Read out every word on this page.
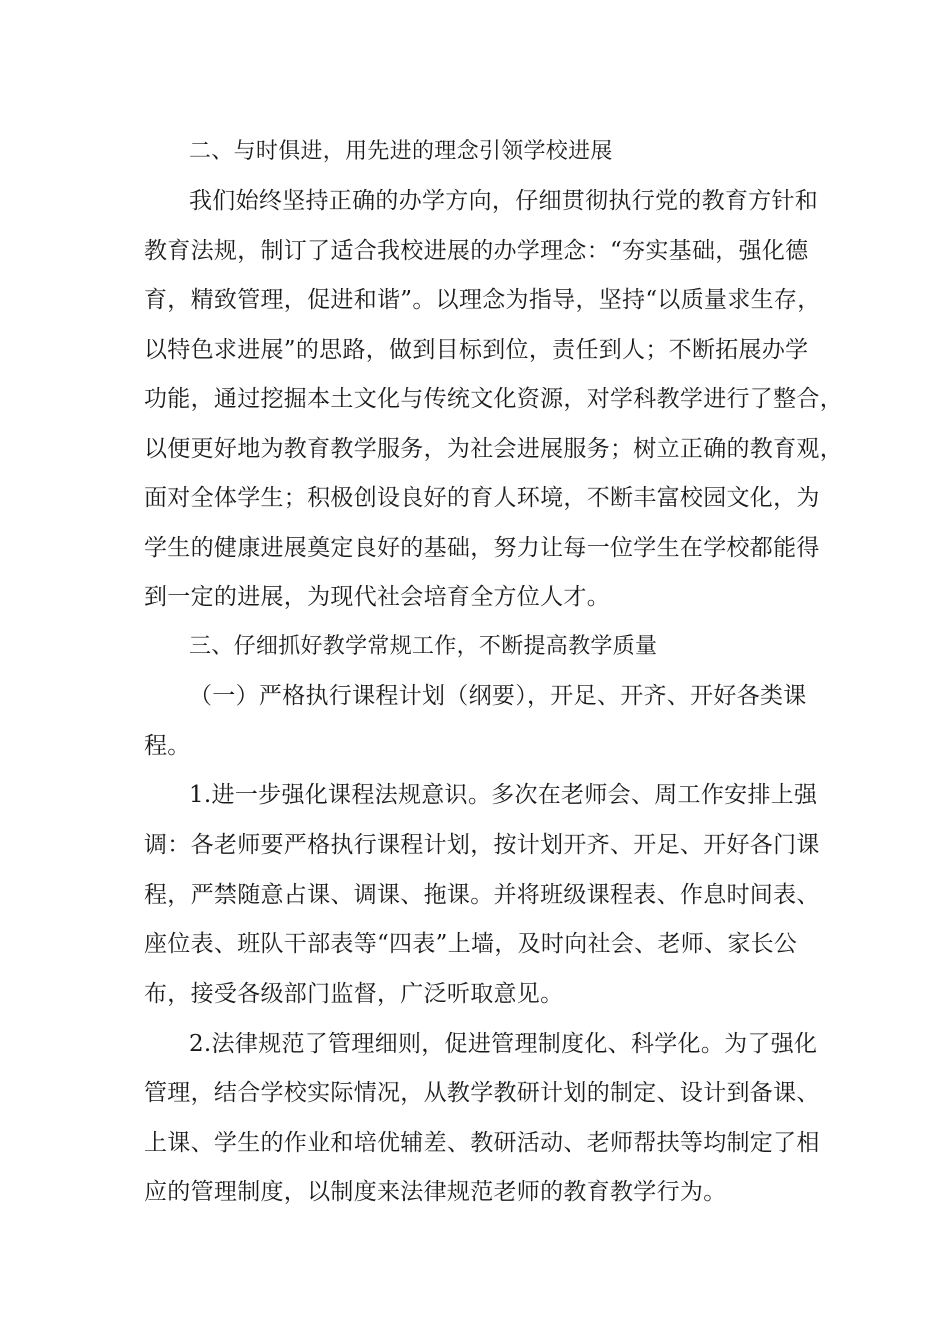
二、与时俱进，用先进的理念引领学校进展
我们始终坚持正确的办学方向，仔细贯彻执行党的教育方针和
教育法规，制订了适合我校进展的办学理念：“夯实基础，强化德
育，精致管理，促进和谐”。以理念为指导，坚持“以质量求生存，
以特色求进展”的思路，做到目标到位，责任到人；不断拓展办学
功能，通过挖掘本土文化与传统文化资源，对学科教学进行了整合，
以便更好地为教育教学服务，为社会进展服务；树立正确的教育观，
面对全体学生；积极创设良好的育人环境，不断丰富校园文化，为
学生的健康进展奠定良好的基础，努力让每一位学生在学校都能得
到一定的进展，为现代社会培育全方位人才。
三、仔细抓好教学常规工作，不断提高教学质量
（一）严格执行课程计划（纲要），开足、开齐、开好各类课
程。
1.进一步强化课程法规意识。多次在老师会、周工作安排上强
调：各老师要严格执行课程计划，按计划开齐、开足、开好各门课
程，严禁随意占课、调课、拖课。并将班级课程表、作息时间表、
座位表、班队干部表等“四表”上墙，及时向社会、老师、家长公
布，接受各级部门监督，广泛听取意见。
2.法律规范了管理细则，促进管理制度化、科学化。为了强化
管理，结合学校实际情况，从教学教研计划的制定、设计到备课、
上课、学生的作业和培优辅差、教研活动、老师帮扶等均制定了相
应的管理制度，以制度来法律规范老师的教育教学行为。
